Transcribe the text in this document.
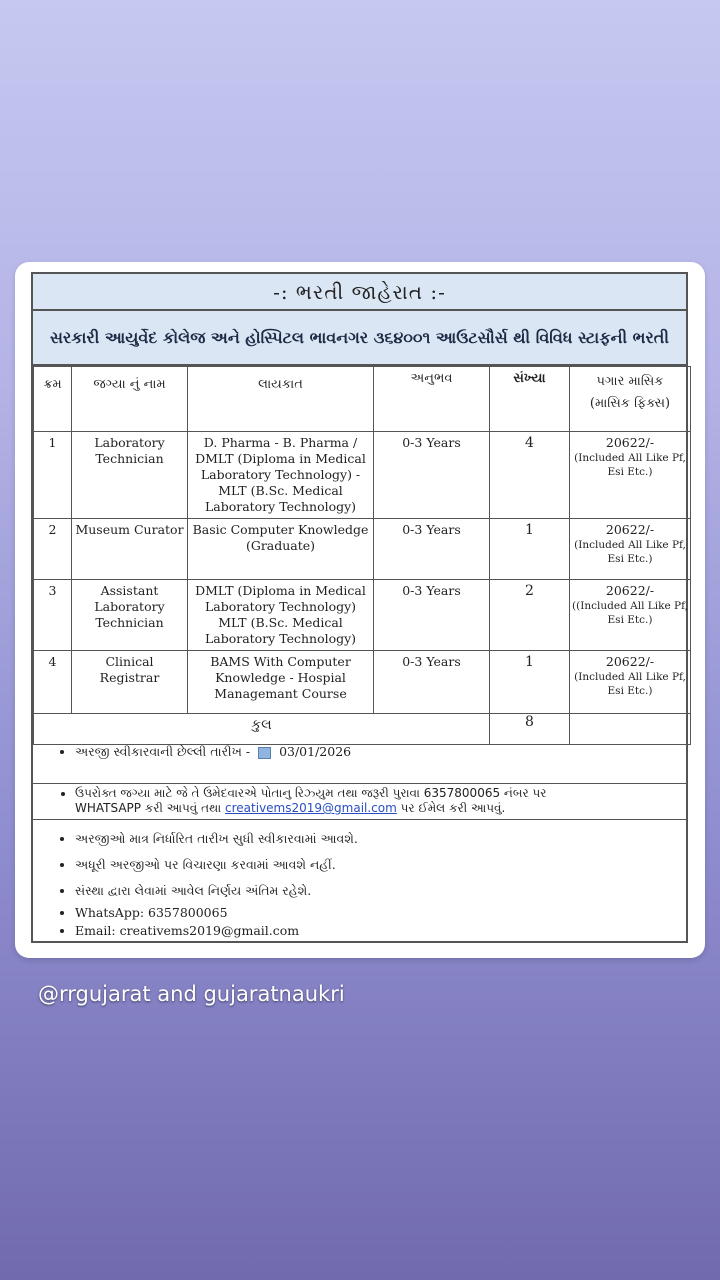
-: ભરતી જાહેરાત :-
સરકારી આયુર્વેદ કોલેજ અને હોસ્પિટલ ભાવનગર ૩૬૪૦૦૧ આઉટસૌર્સ થી વિવિધ સ્ટાફની ભરતી
ક્રમ	જગ્યા નું નામ	લાયકાત	અનુભવ	સંખ્યા	પગાર માસિક
(માસિક ફિક્સ)
1	Laboratory Technician	D. Pharma - B. Pharma / DMLT (Diploma in Medical Laboratory Technology) - MLT (B.Sc. Medical Laboratory Technology)	0-3 Years	4	20622/-
(Included All Like Pf, Esi Etc.)

2	Museum Curator	Basic Computer Knowledge (Graduate)	0-3 Years	1	20622/-
(Included All Like Pf, Esi Etc.)

3	Assistant Laboratory Technician	DMLT (Diploma in Medical Laboratory Technology) MLT (B.Sc. Medical Laboratory Technology)	0-3 Years	2	20622/-
((Included All Like Pf, Esi Etc.)

4	Clinical Registrar	BAMS With Computer Knowledge - Hospial Managemant Course	0-3 Years	1	20622/-
(Included All Like Pf, Esi Etc.)

કુલ				8	
• અરજી સ્વીકારવાની છેલ્લી તારીખ - 03/01/2026
• ઉપરોક્ત જગ્યા માટે જે તે ઉમેદવારએ પોતાનુ રિઝ્યુમ તથા જરૂરી પુરાવા 6357800065 નંબર પર
WHATSAPP કરી આપવું તથા creativems2019@gmail.com પર ઈમેલ કરી આપવું.
• અરજીઓ માત્ર નિર્ધારિત તારીખ સુધી સ્વીકારવામાં આવશે.
• અધૂરી અરજીઓ પર વિચારણા કરવામાં આવશે નહીં.
• સંસ્થા દ્વારા લેવામાં આવેલ નિર્ણય અંતિમ રહેશે.
• WhatsApp: 6357800065
• Email: creativems2019@gmail.com
@rrgujarat and gujaratnaukri
